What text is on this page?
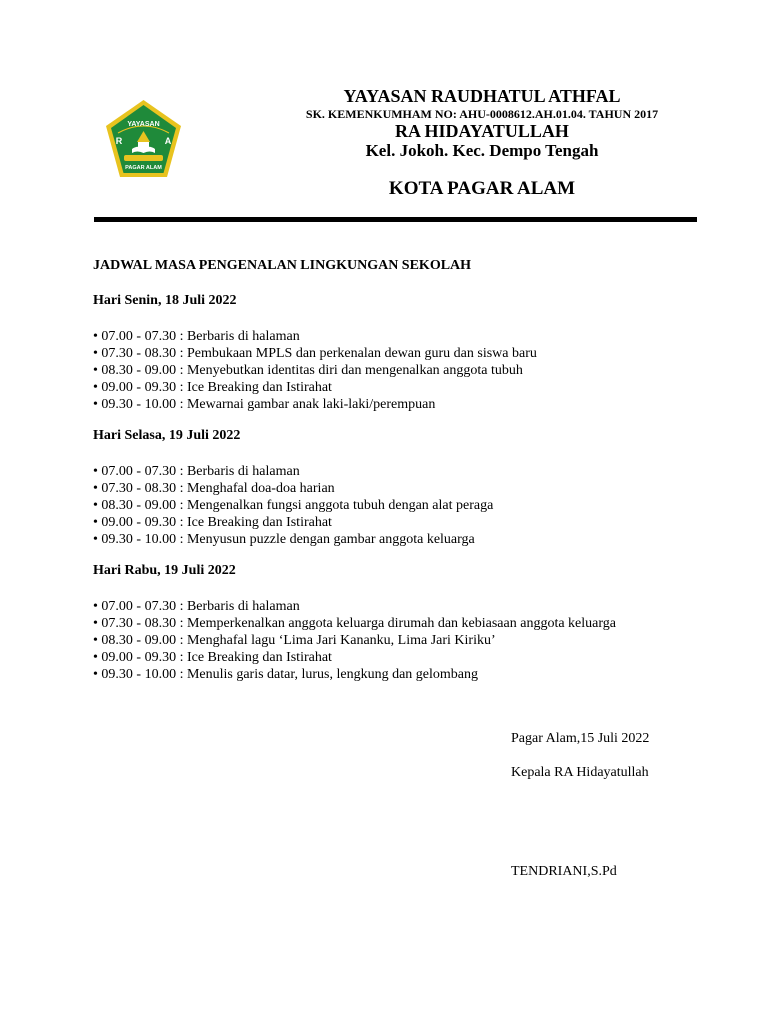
YAYASAN
R	A
PAGAR ALAM
YAYASAN RAUDHATUL ATHFAL
SK. KEMENKUMHAM NO: AHU-0008612.AH.01.04. TAHUN 2017
RA HIDAYATULLAH
Kel. Jokoh. Kec. Dempo Tengah
KOTA PAGAR ALAM
JADWAL MASA PENGENALAN LINGKUNGAN SEKOLAH
Hari Senin, 18 Juli 2022
• 07.00 - 07.30 : Berbaris di halaman
• 07.30 - 08.30 : Pembukaan MPLS dan perkenalan dewan guru dan siswa baru
• 08.30 - 09.00 : Menyebutkan identitas diri dan mengenalkan anggota tubuh
• 09.00 - 09.30 : Ice Breaking dan Istirahat
• 09.30 - 10.00 : Mewarnai gambar anak laki-laki/perempuan
Hari Selasa, 19 Juli 2022
• 07.00 - 07.30 : Berbaris di halaman
• 07.30 - 08.30 : Menghafal doa-doa harian
• 08.30 - 09.00 : Mengenalkan fungsi anggota tubuh dengan alat peraga
• 09.00 - 09.30 : Ice Breaking dan Istirahat
• 09.30 - 10.00 : Menyusun puzzle dengan gambar anggota keluarga
Hari Rabu, 19 Juli 2022
• 07.00 - 07.30 : Berbaris di halaman
• 07.30 - 08.30 : Memperkenalkan anggota keluarga dirumah dan kebiasaan anggota keluarga
• 08.30 - 09.00 : Menghafal lagu ‘Lima Jari Kananku, Lima Jari Kiriku’
• 09.00 - 09.30 : Ice Breaking dan Istirahat
• 09.30 - 10.00 : Menulis garis datar, lurus, lengkung dan gelombang
Pagar Alam,15 Juli 2022
Kepala RA Hidayatullah
TENDRIANI,S.Pd
